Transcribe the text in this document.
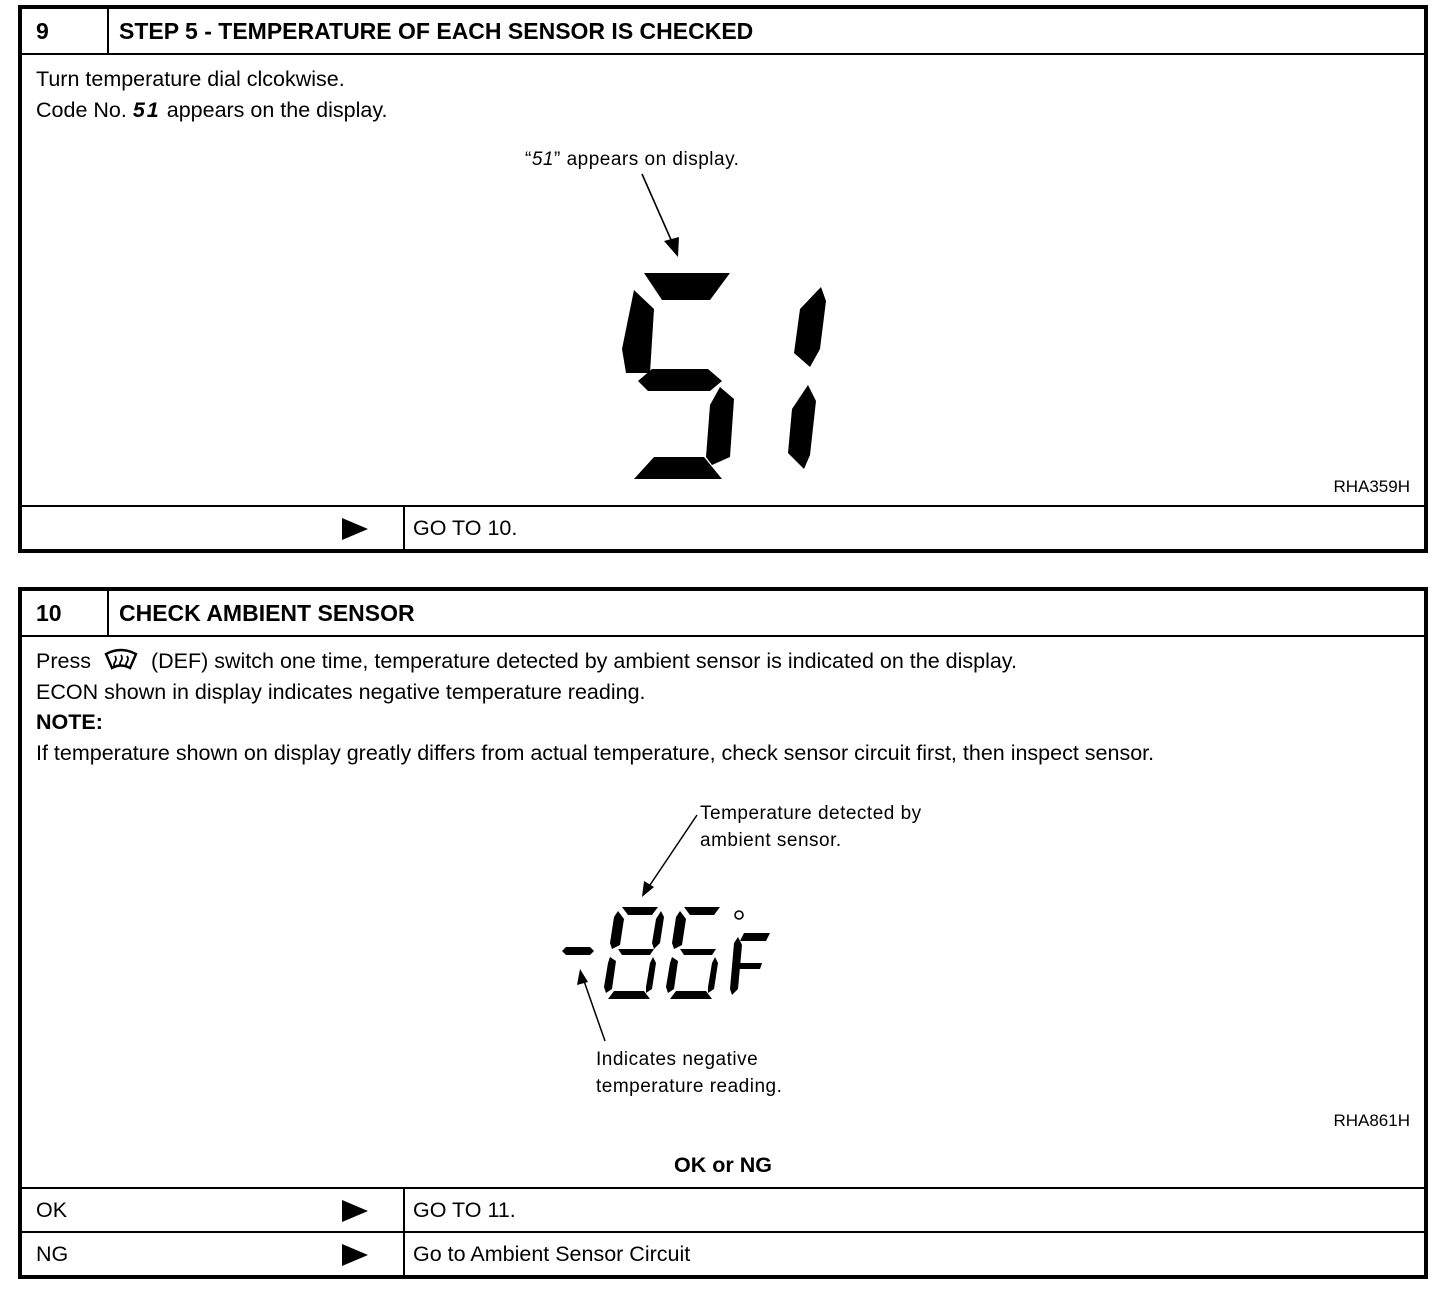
9	STEP 5 - TEMPERATURE OF EACH SENSOR IS CHECKED
Turn temperature dial clcokwise.
Code No. 51 appears on the display.
“51” appears on display.
RHA359H
GO TO 10.
10	CHECK AMBIENT SENSOR
Press	(DEF) switch one time, temperature detected by ambient sensor is indicated on the display.
ECON shown in display indicates negative temperature reading.
NOTE:
If temperature shown on display greatly differs from actual temperature, check sensor circuit first, then inspect sensor.
Temperature detected by
ambient sensor.
Indicates negative
temperature reading.
RHA861H
OK or NG
OK	GO TO 11.
NG	Go to Ambient Sensor Circuit
